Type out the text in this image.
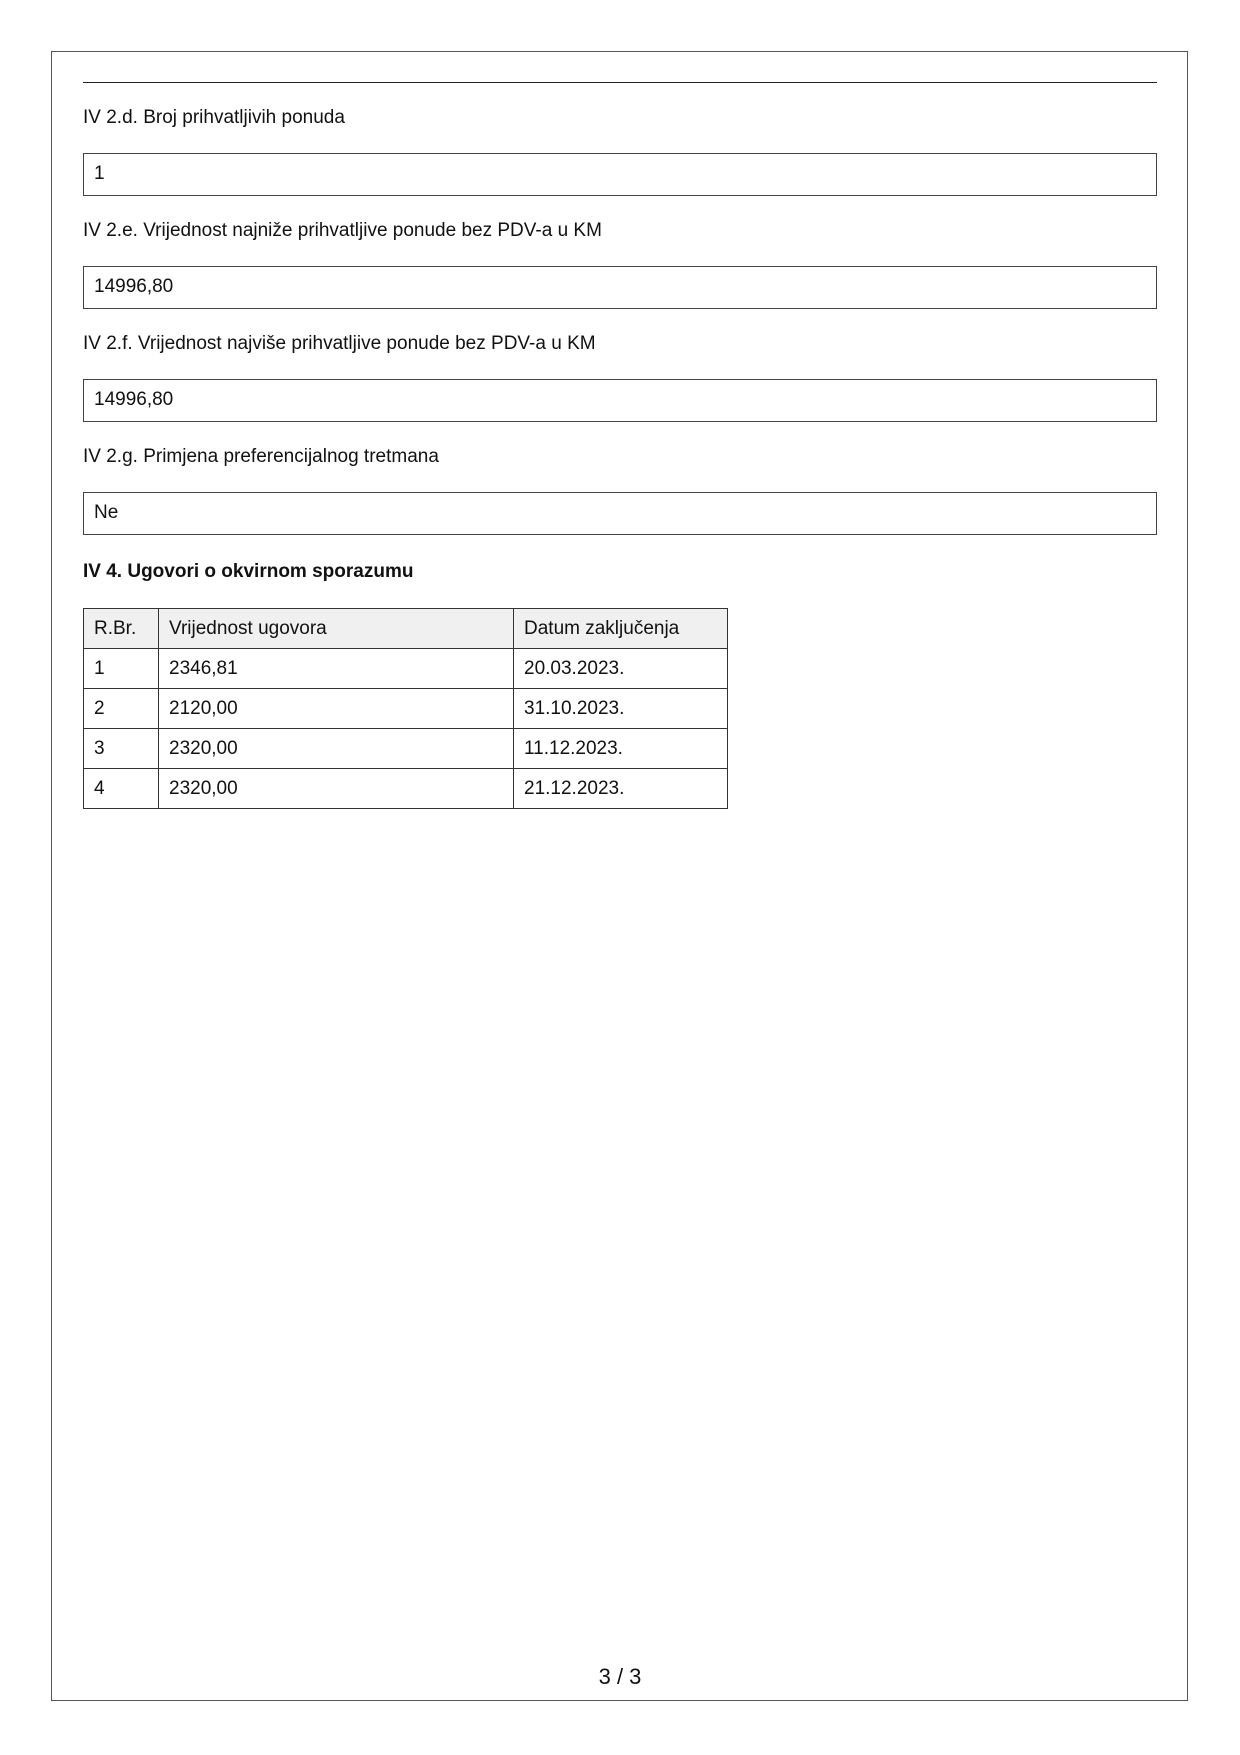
IV 2.d. Broj prihvatljivih ponuda
1
IV 2.e. Vrijednost najniže prihvatljive ponude bez PDV-a u KM
14996,80
IV 2.f. Vrijednost najviše prihvatljive ponude bez PDV-a u KM
14996,80
IV 2.g. Primjena preferencijalnog tretmana
Ne
IV 4. Ugovori o okvirnom sporazumu
R.Br.	Vrijednost ugovora	Datum zaključenja
1	2346,81	20.03.2023.
2	2120,00	31.10.2023.
3	2320,00	11.12.2023.
4	2320,00	21.12.2023.
3 / 3
